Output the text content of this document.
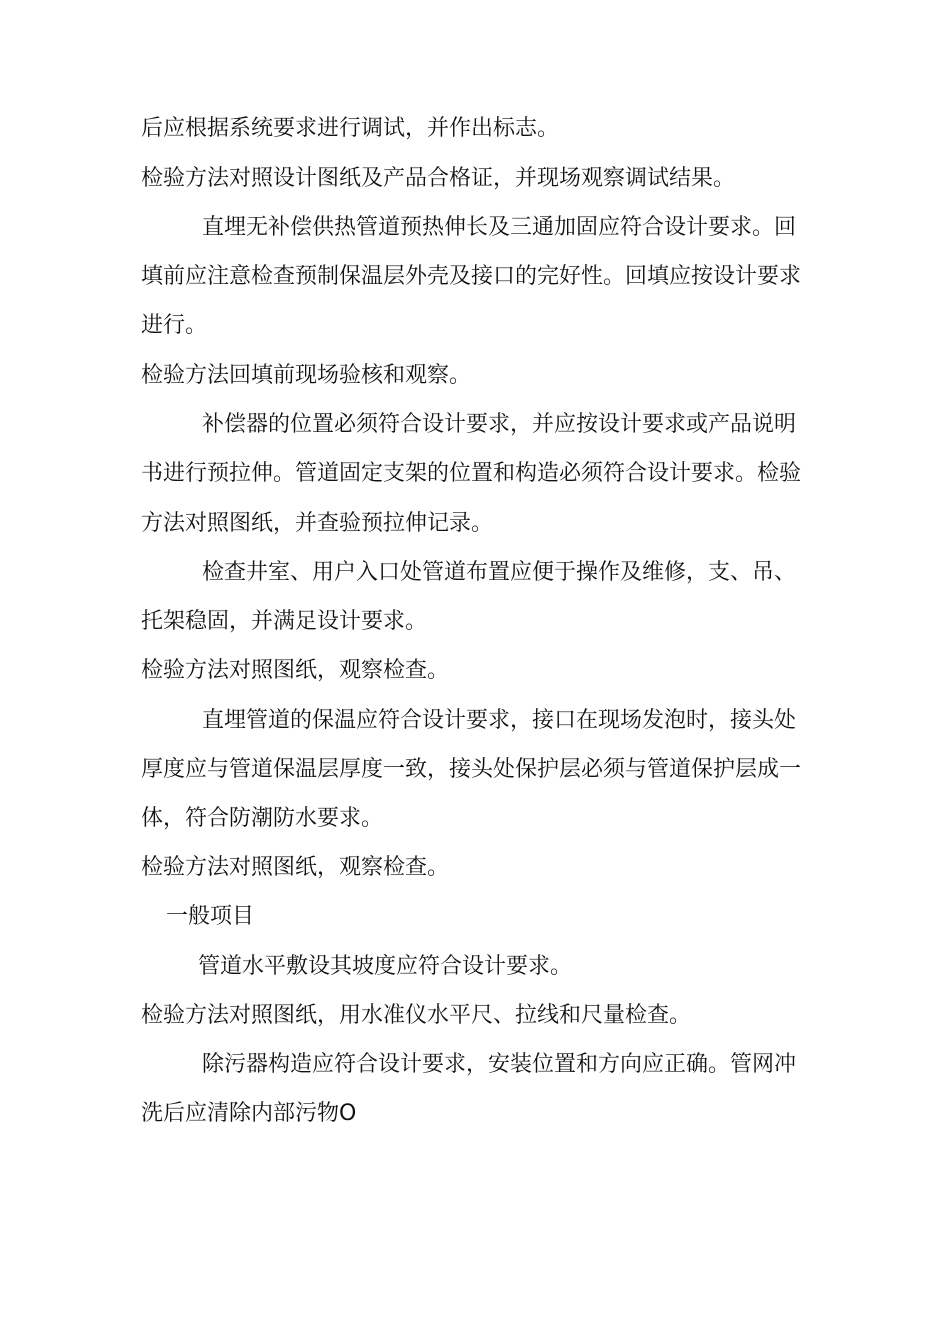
后应根据系统要求进行调试，并作出标志。
检验方法对照设计图纸及产品合格证，并现场观察调试结果。
直埋无补偿供热管道预热伸长及三通加固应符合设计要求。回
填前应注意检查预制保温层外壳及接口的完好性。回填应按设计要求
进行。
检验方法回填前现场验核和观察。
补偿器的位置必须符合设计要求，并应按设计要求或产品说明
书进行预拉伸。管道固定支架的位置和构造必须符合设计要求。检验
方法对照图纸，并查验预拉伸记录。
检查井室、用户入口处管道布置应便于操作及维修，支、吊、
托架稳固，并满足设计要求。
检验方法对照图纸，观察检查。
直埋管道的保温应符合设计要求，接口在现场发泡时，接头处
厚度应与管道保温层厚度一致，接头处保护层必须与管道保护层成一
体，符合防潮防水要求。
检验方法对照图纸，观察检查。
一般项目
管道水平敷设其坡度应符合设计要求。
检验方法对照图纸，用水准仪水平尺、拉线和尺量检查。
除污器构造应符合设计要求，安装位置和方向应正确。管网冲
洗后应清除内部污物O
